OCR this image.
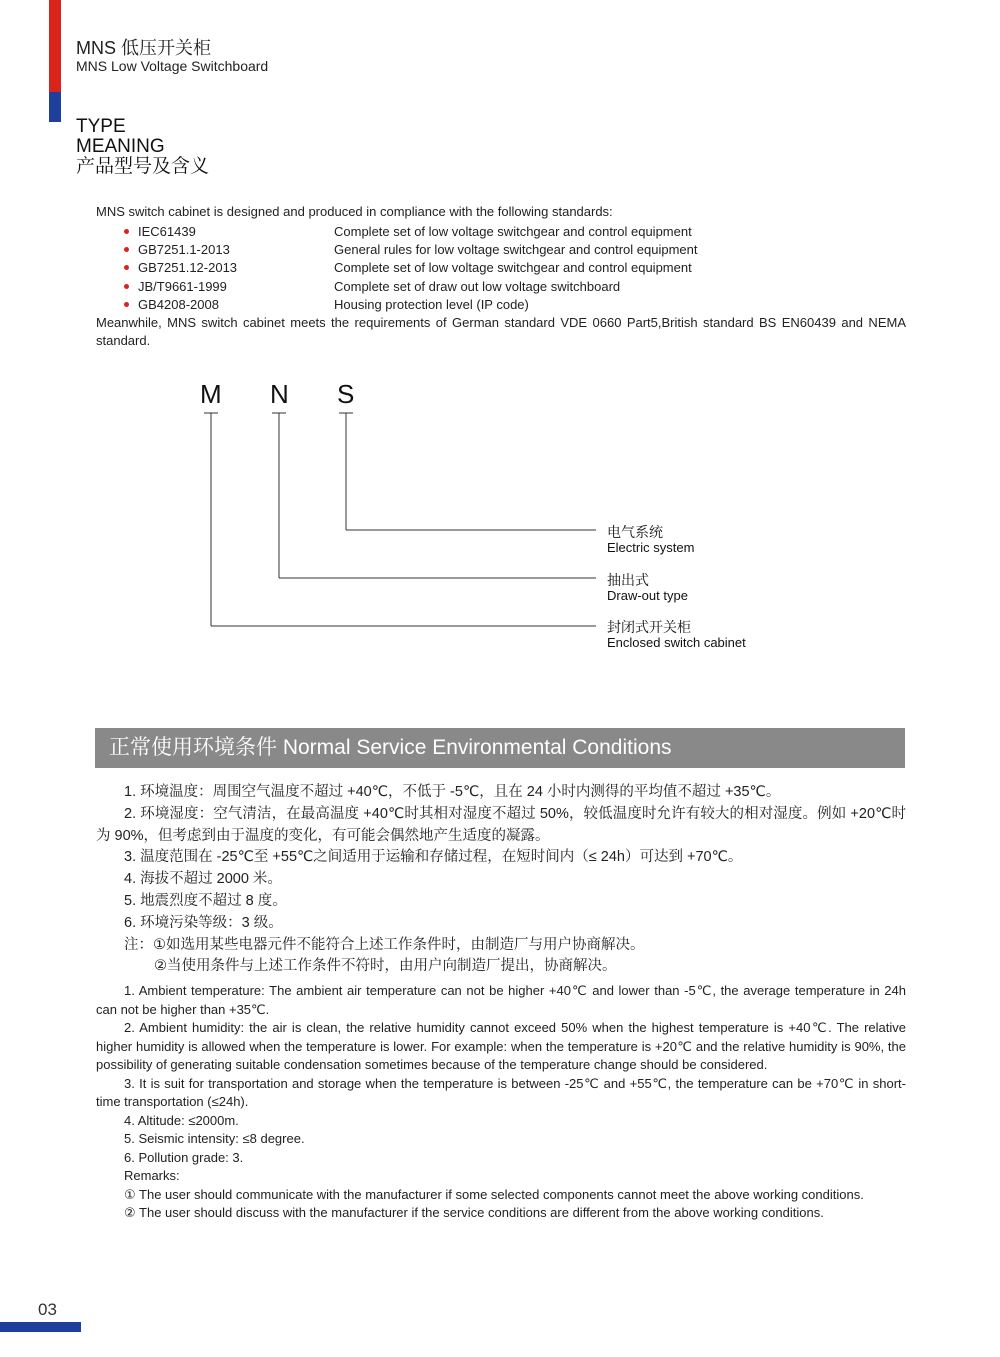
MNS 低压开关柜
MNS Low Voltage Switchboard
TYPE
MEANING
产品型号及含义
MNS switch cabinet is designed and produced in compliance with the following standards:
IEC61439	Complete set of low voltage switchgear and control equipment
GB7251.1-2013	General rules for low voltage switchgear and control equipment
GB7251.12-2013	Complete set of low voltage switchgear and control equipment
JB/T9661-1999	Complete set of draw out low voltage switchboard
GB4208-2008	Housing protection level (IP code)
Meanwhile, MNS switch cabinet meets the requirements of German standard VDE 0660 Part5,British standard BS EN60439 and NEMA standard.
M N S
电气系统
Electric system
抽出式
Draw-out type
封闭式开关柜
Enclosed switch cabinet
正常使用环境条件 Normal Service Environmental Conditions

1. 环境温度：周围空气温度不超过 +40℃，不低于 -5℃，且在 24 小时内测得的平均值不超过 +35℃。

2. 环境湿度：空气清洁，在最高温度 +40℃时其相对湿度不超过 50%，较低温度时允许有较大的相对湿度。例如 +20℃时为 90%，但考虑到由于温度的变化，有可能会偶然地产生适度的凝露。

3. 温度范围在 -25℃至 +55℃之间适用于运输和存储过程，在短时间内（≤ 24h）可达到 +70℃。

4. 海拔不超过 2000 米。

5. 地震烈度不超过 8 度。

6. 环境污染等级：3 级。

注：①如选用某些电器元件不能符合上述工作条件时，由制造厂与用户协商解决。

②当使用条件与上述工作条件不符时，由用户向制造厂提出，协商解决。

1. Ambient temperature: The ambient air temperature can not be higher +40℃ and lower than -5℃, the average temperature in 24h can not be higher than +35℃.

2. Ambient humidity: the air is clean, the relative humidity cannot exceed 50% when the highest temperature is +40℃. The relative higher humidity is allowed when the temperature is lower. For example: when the temperature is +20℃ and the relative humidity is 90%, the possibility of generating suitable condensation sometimes because of the temperature change should be considered.

3. It is suit for transportation and storage when the temperature is between -25℃ and +55℃, the temperature can be +70℃ in short-time transportation (≤24h).

4. Altitude: ≤2000m.

5. Seismic intensity: ≤8 degree.

6. Pollution grade: 3.

Remarks:

① The user should communicate with the manufacturer if some selected components cannot meet the above working conditions.

② The user should discuss with the manufacturer if the service conditions are different from the above working conditions.

03
